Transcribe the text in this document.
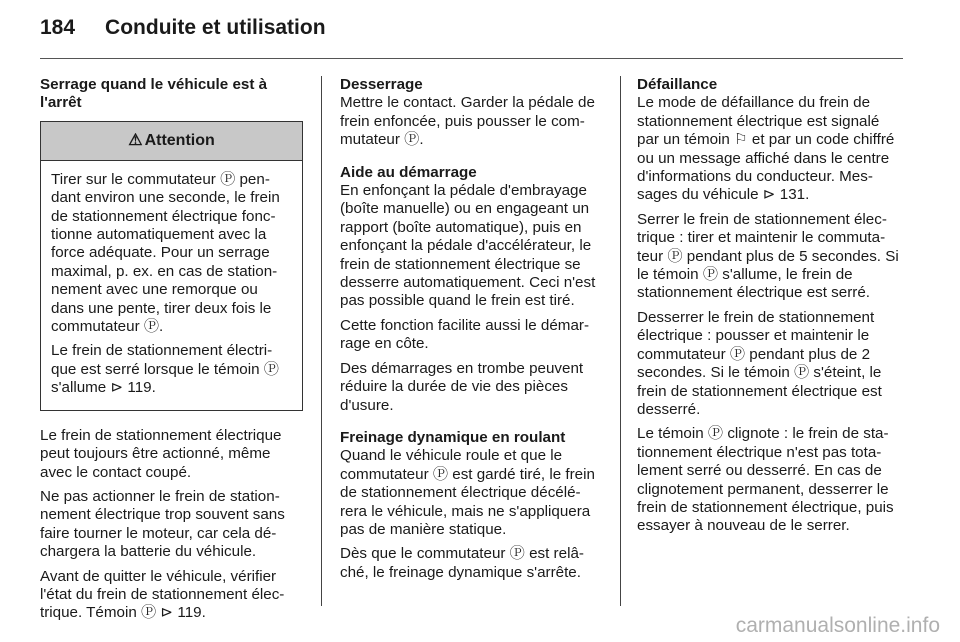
184 Conduite et utilisation
Serrage quand le véhicule est à l'arrêt
⚠ Attention

Tirer sur le commutateur Ⓟ pen-dant environ une seconde, le frein de stationnement électrique fonc-tionne automatiquement avec la force adéquate. Pour un serrage maximal, p. ex. en cas de station-nement avec une remorque ou dans une pente, tirer deux fois le commutateur Ⓟ.

Le frein de stationnement électri-que est serré lorsque le témoin Ⓟ s'allume ⊳ 119.

Le frein de stationnement électrique peut toujours être actionné, même avec le contact coupé.

Ne pas actionner le frein de station-nement électrique trop souvent sans faire tourner le moteur, car cela dé-chargera la batterie du véhicule.

Avant de quitter le véhicule, vérifier l'état du frein de stationnement élec-trique. Témoin Ⓟ ⊳ 119.

Desserrage

Mettre le contact. Garder la pédale de frein enfoncée, puis pousser le com-mutateur Ⓟ.

Aide au démarrage

En enfonçant la pédale d'embrayage (boîte manuelle) ou en engageant un rapport (boîte automatique), puis en enfonçant la pédale d'accélérateur, le frein de stationnement électrique se desserre automatiquement. Ceci n'est pas possible quand le frein est tiré.

Cette fonction facilite aussi le démar-rage en côte.

Des démarrages en trombe peuvent réduire la durée de vie des pièces d'usure.

Freinage dynamique en roulant

Quand le véhicule roule et que le commutateur Ⓟ est gardé tiré, le frein de stationnement électrique décélé-rera le véhicule, mais ne s'appliquera pas de manière statique.

Dès que le commutateur Ⓟ est relâ-ché, le freinage dynamique s'arrête.

Défaillance

Le mode de défaillance du frein de stationnement électrique est signalé par un témoin ⚐ et par un code chiffré ou un message affiché dans le centre d'informations du conducteur. Mes-sages du véhicule ⊳ 131.

Serrer le frein de stationnement élec-trique : tirer et maintenir le commuta-teur Ⓟ pendant plus de 5 secondes. Si le témoin Ⓟ s'allume, le frein de stationnement électrique est serré.

Desserrer le frein de stationnement électrique : pousser et maintenir le commutateur Ⓟ pendant plus de 2 secondes. Si le témoin Ⓟ s'éteint, le frein de stationnement électrique est desserré.

Le témoin Ⓟ clignote : le frein de sta-tionnement électrique n'est pas tota-lement serré ou desserré. En cas de clignotement permanent, desserrer le frein de stationnement électrique, puis essayer à nouveau de le serrer.

carmanualsonline.info
